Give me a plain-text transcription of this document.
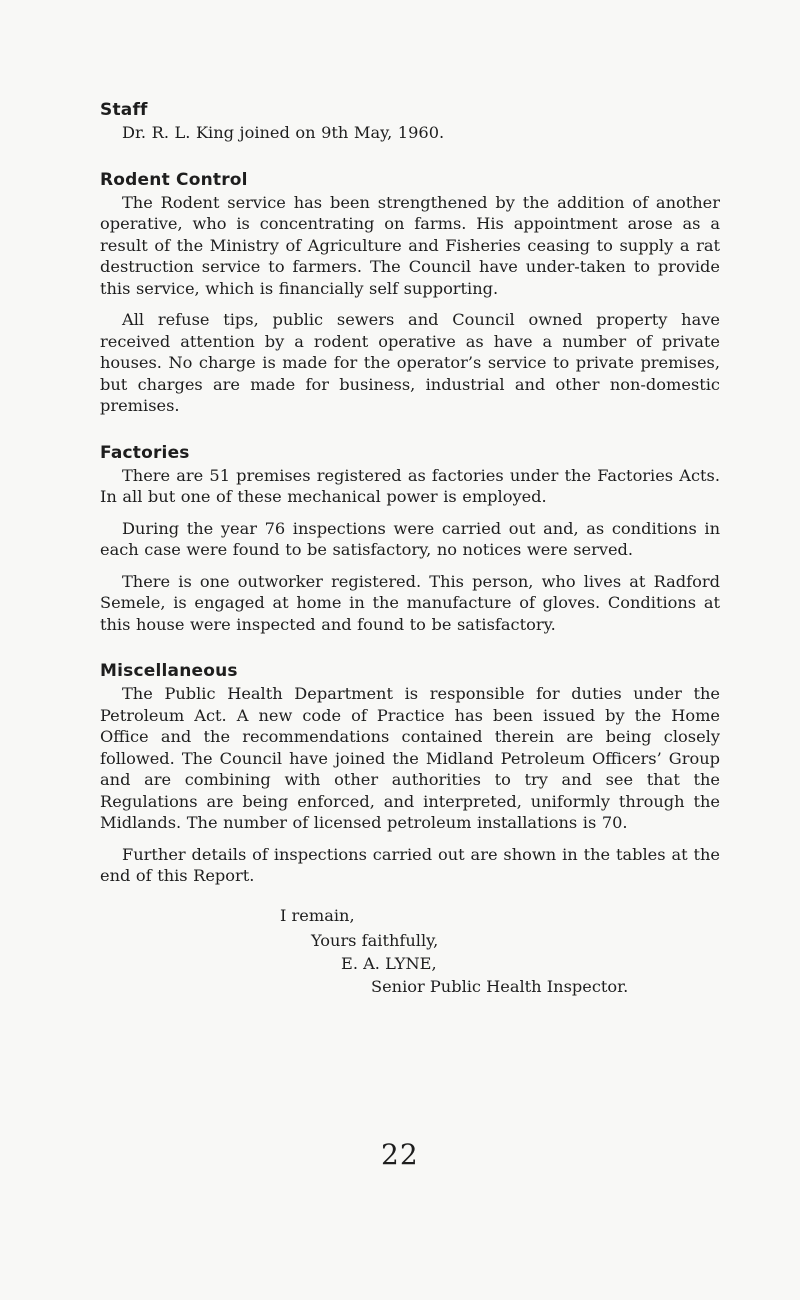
Staff

Dr. R. L. King joined on 9th May, 1960.

Rodent Control

The Rodent service has been strengthened by the addition of another operative, who is concentrating on farms. His appointment arose as a result of the Ministry of Agriculture and Fisheries ceasing to supply a rat destruction service to farmers. The Council have under-taken to provide this service, which is financially self supporting.

All refuse tips, public sewers and Council owned property have received attention by a rodent operative as have a number of private houses. No charge is made for the operator’s service to private premises, but charges are made for business, industrial and other non-domestic premises.

Factories

There are 51 premises registered as factories under the Factories Acts. In all but one of these mechanical power is employed.

During the year 76 inspections were carried out and, as conditions in each case were found to be satisfactory, no notices were served.

There is one outworker registered. This person, who lives at Radford Semele, is engaged at home in the manufacture of gloves. Conditions at this house were inspected and found to be satisfactory.

Miscellaneous

The Public Health Department is responsible for duties under the Petroleum Act. A new code of Practice has been issued by the Home Office and the recommendations contained therein are being closely followed. The Council have joined the Midland Petroleum Officers’ Group and are combining with other authorities to try and see that the Regulations are being enforced, and interpreted, uniformly through the Midlands. The number of licensed petroleum installations is 70.

Further details of inspections carried out are shown in the tables at the end of this Report.

I remain,
Yours faithfully,
E. A. LYNE,
Senior Public Health Inspector.
22
